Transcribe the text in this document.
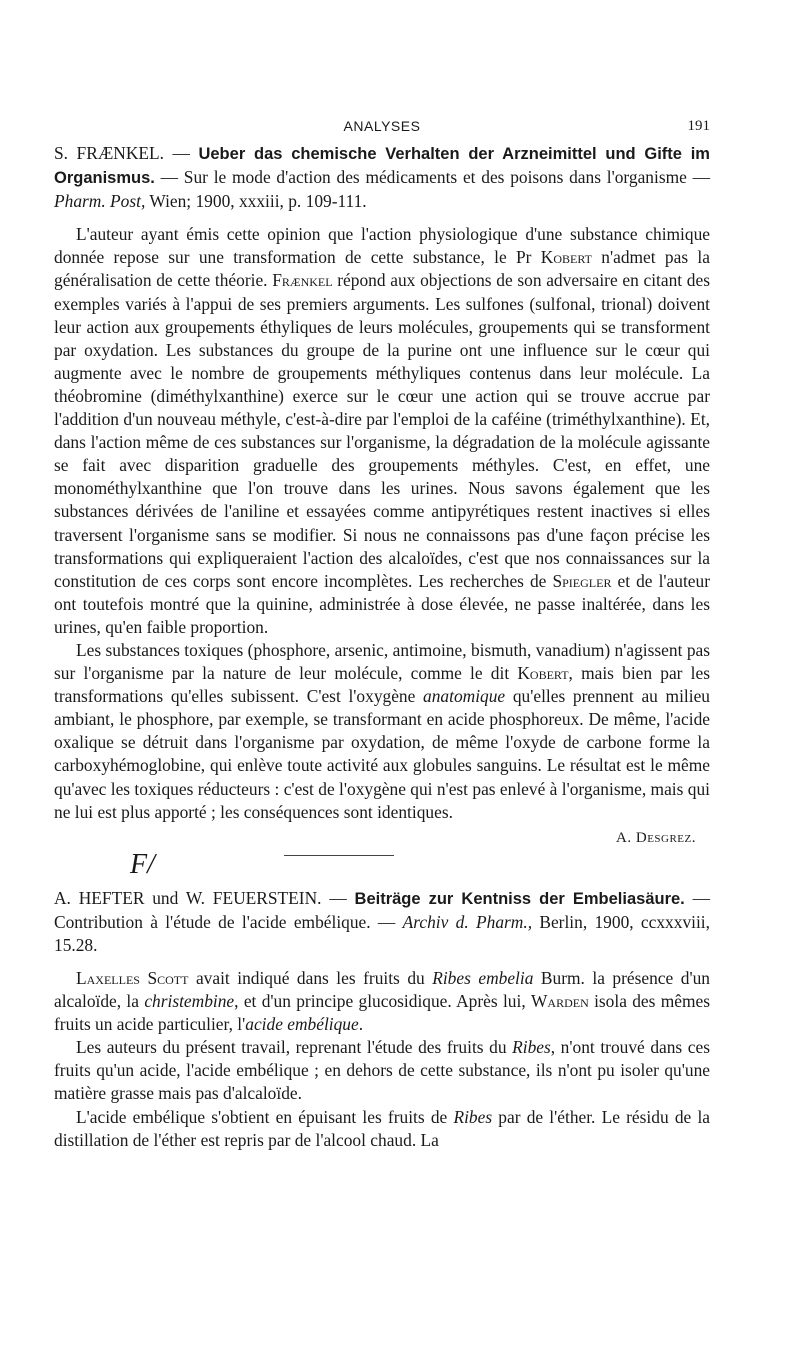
ANALYSES	191

S. FRÆNKEL. — Ueber das chemische Verhalten der Arzneimittel und Gifte im Organismus. — Sur le mode d'action des médicaments et des poisons dans l'organisme — Pharm. Post, Wien; 1900, xxxiii, p. 109-111.

L'auteur ayant émis cette opinion que l'action physiologique d'une substance chimique donnée repose sur une transformation de cette substance, le Pr Kobert n'admet pas la généralisation de cette théorie. Frænkel répond aux objections de son adversaire en citant des exemples variés à l'appui de ses premiers arguments. Les sulfones (sulfonal, trional) doivent leur action aux groupements éthyliques de leurs molécules, groupements qui se transforment par oxydation. Les substances du groupe de la purine ont une influence sur le cœur qui augmente avec le nombre de groupements méthyliques contenus dans leur molécule. La théobromine (diméthylxanthine) exerce sur le cœur une action qui se trouve accrue par l'addition d'un nouveau méthyle, c'est-à-dire par l'emploi de la caféine (triméthylxanthine). Et, dans l'action même de ces substances sur l'organisme, la dégradation de la molécule agissante se fait avec disparition graduelle des groupements méthyles. C'est, en effet, une monométhylxanthine que l'on trouve dans les urines. Nous savons également que les substances dérivées de l'aniline et essayées comme antipyrétiques restent inactives si elles traversent l'organisme sans se modifier. Si nous ne connaissons pas d'une façon précise les transformations qui expliqueraient l'action des alcaloïdes, c'est que nos connaissances sur la constitution de ces corps sont encore incomplètes. Les recherches de Spiegler et de l'auteur ont toutefois montré que la quinine, administrée à dose élevée, ne passe inaltérée, dans les urines, qu'en faible proportion.

Les substances toxiques (phosphore, arsenic, antimoine, bismuth, vanadium) n'agissent pas sur l'organisme par la nature de leur molécule, comme le dit Kobert, mais bien par les transformations qu'elles subissent. C'est l'oxygène anatomique qu'elles prennent au milieu ambiant, le phosphore, par exemple, se transformant en acide phosphoreux. De même, l'acide oxalique se détruit dans l'organisme par oxydation, de même l'oxyde de carbone forme la carboxyhémoglobine, qui enlève toute activité aux globules sanguins. Le résultat est le même qu'avec les toxiques réducteurs : c'est de l'oxygène qui n'est pas enlevé à l'organisme, mais qui ne lui est plus apporté ; les conséquences sont identiques.

A. Desgrez.
F/

A. HEFTER und W. FEUERSTEIN. — Beiträge zur Kentniss der Embeliasäure. — Contribution à l'étude de l'acide embélique. — Archiv d. Pharm., Berlin, 1900, ccxxxviii, 15.28.

Laxelles Scott avait indiqué dans les fruits du Ribes embelia Burm. la présence d'un alcaloïde, la christembine, et d'un principe glucosidique. Après lui, Warden isola des mêmes fruits un acide particulier, l'acide embélique.

Les auteurs du présent travail, reprenant l'étude des fruits du Ribes, n'ont trouvé dans ces fruits qu'un acide, l'acide embélique ; en dehors de cette substance, ils n'ont pu isoler qu'une matière grasse mais pas d'alcaloïde.

L'acide embélique s'obtient en épuisant les fruits de Ribes par de l'éther. Le résidu de la distillation de l'éther est repris par de l'alcool chaud. La
